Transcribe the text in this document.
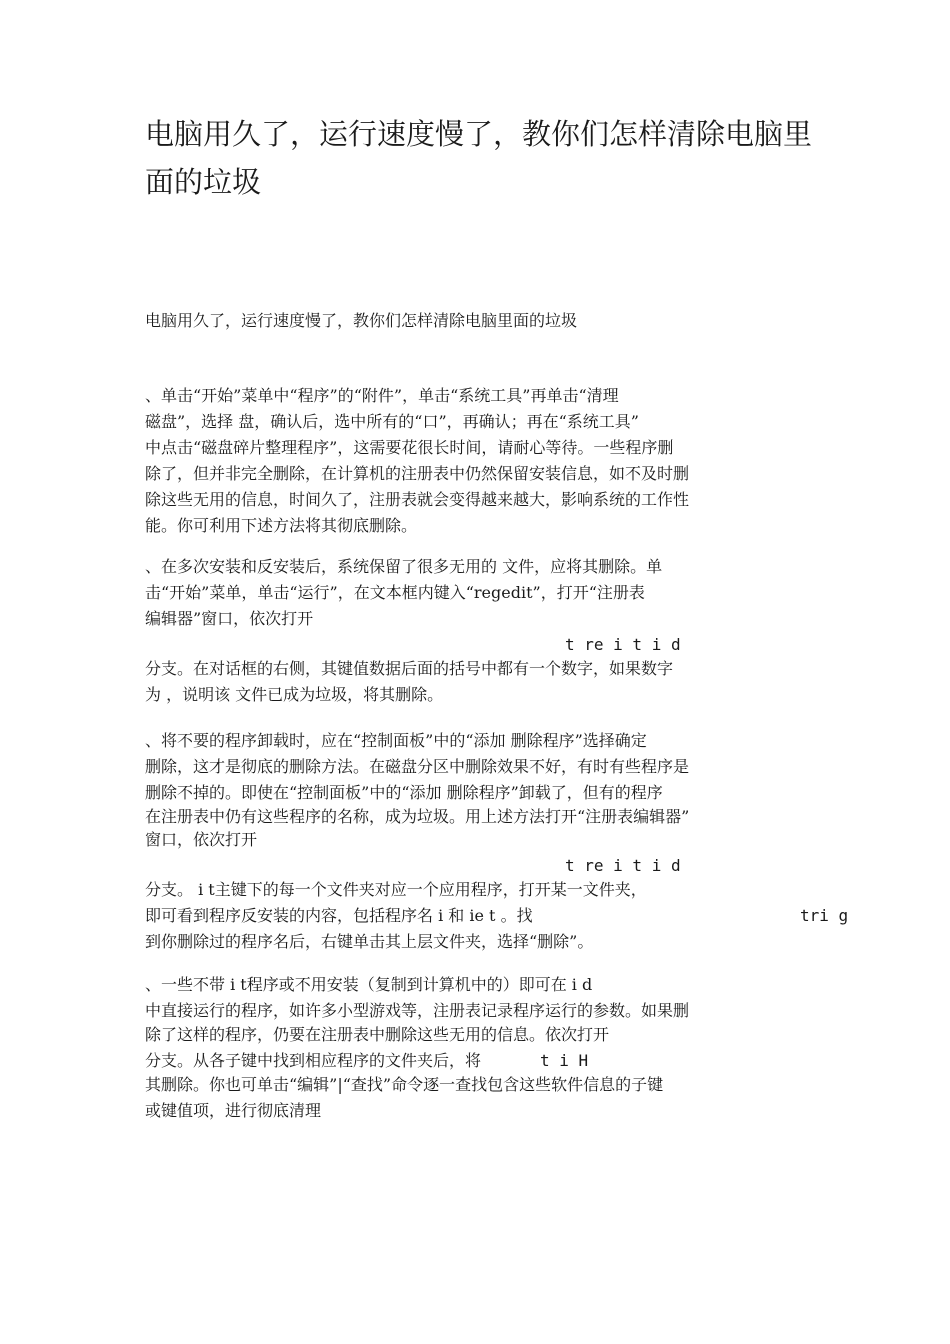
电脑用久了，运行速度慢了，教你们怎样清除电脑里面的垃圾
电脑用久了，运行速度慢了，教你们怎样清除电脑里面的垃圾
、单击“开始”菜单中“程序”的“附件”，单击“系统工具”再单击“清理
磁盘”，选择 盘，确认后，选中所有的“口”，再确认；再在“系统工具”
中点击“磁盘碎片整理程序”，这需要花很长时间，请耐心等待。一些程序删
除了，但并非完全删除，在计算机的注册表中仍然保留安装信息，如不及时删
除这些无用的信息，时间久了，注册表就会变得越来越大，影响系统的工作性
能。你可利用下述方法将其彻底删除。
、在多次安装和反安装后，系统保留了很多无用的 文件，应将其删除。单
击“开始”菜单，单击“运行”，在文本框内键入“regedit”，打开“注册表
编辑器”窗口，依次打开
t re i t i d
分支。在对话框的右侧，其键值数据后面的括号中都有一个数字，如果数字
为 ，说明该 文件已成为垃圾，将其删除。
、将不要的程序卸载时，应在“控制面板”中的“添加 删除程序”选择确定
删除，这才是彻底的删除方法。在磁盘分区中删除效果不好，有时有些程序是
删除不掉的。即使在“控制面板”中的“添加 删除程序”卸载了，但有的程序
在注册表中仍有这些程序的名称，成为垃圾。用上述方法打开“注册表编辑器”
窗口，依次打开
t re i t i d
分支。 i t主键下的每一个文件夹对应一个应用程序，打开某一文件夹，
即可看到程序反安装的内容，包括程序名 i 和 ie t 。找	tri g
到你删除过的程序名后，右键单击其上层文件夹，选择“删除”。
、一些不带 i t程序或不用安装（复制到计算机中的）即可在 i d
中直接运行的程序，如许多小型游戏等，注册表记录程序运行的参数。如果删
除了这样的程序，仍要在注册表中删除这些无用的信息。依次打开
分支。从各子键中找到相应程序的文件夹后，将	t i H
其删除。你也可单击“编辑”|“查找”命令逐一查找包含这些软件信息的子键
或键值项，进行彻底清理
